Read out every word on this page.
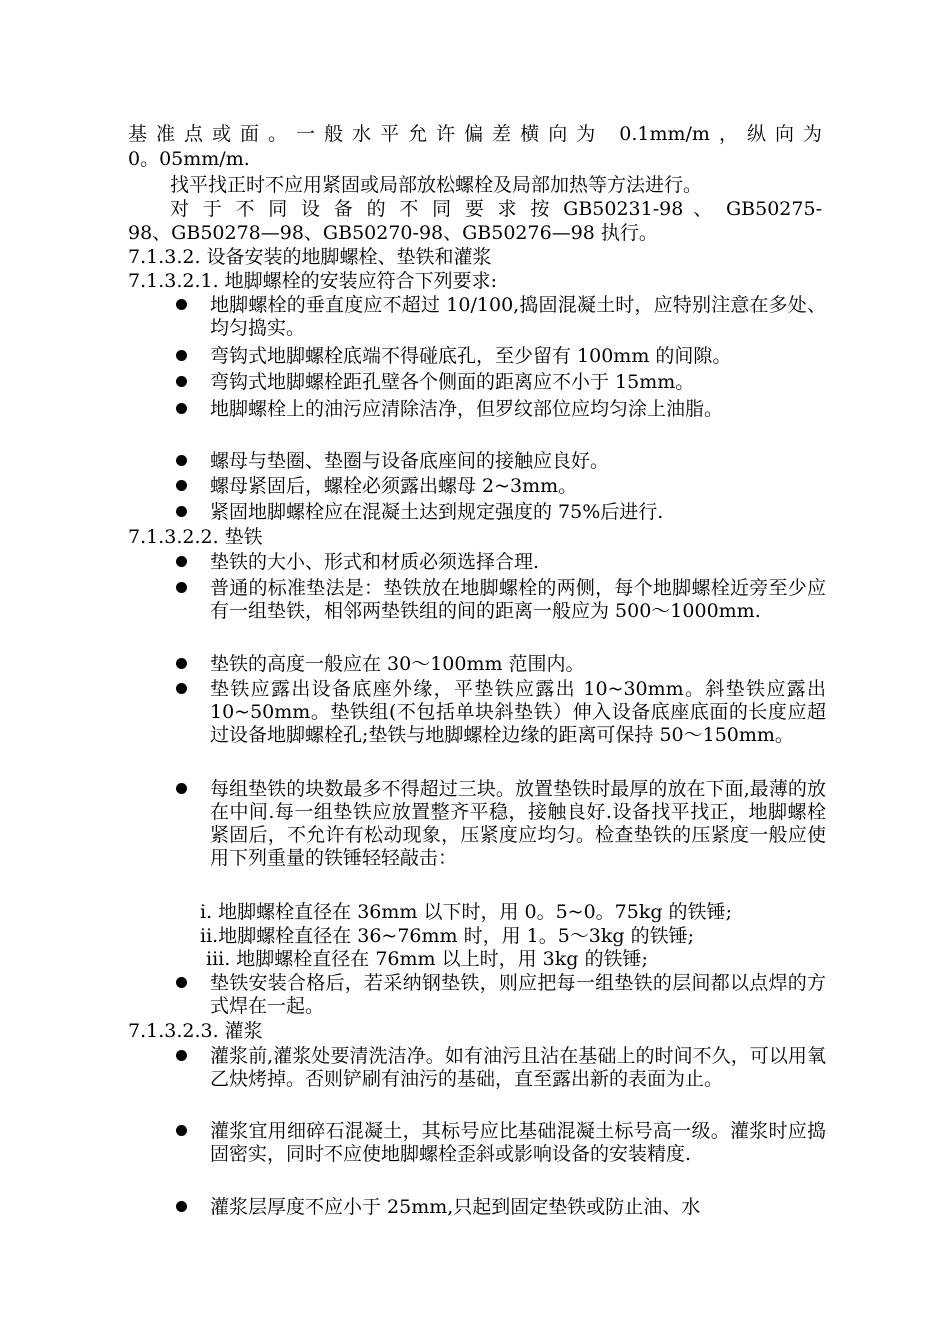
基准点或面。一般水平允许偏差横向为 0.1mm/m，纵向为
0。05mm/m.
找平找正时不应用紧固或局部放松螺栓及局部加热等方法进行。
对 于 不 同 设 备 的 不 同 要 求 按 GB50231-98 、 GB50275-
98、GB50278—98、GB50270-98、GB50276—98 执行。
7.1.3.2. 设备安装的地脚螺栓、垫铁和灌浆
7.1.3.2.1. 地脚螺栓的安装应符合下列要求:
地脚螺栓的垂直度应不超过 10/100,捣固混凝土时，应特别注意在多处、均匀捣实。
弯钩式地脚螺栓底端不得碰底孔，至少留有 100mm 的间隙。
弯钩式地脚螺栓距孔壁各个侧面的距离应不小于 15mm。
地脚螺栓上的油污应清除洁净，但罗纹部位应均匀涂上油脂。
螺母与垫圈、垫圈与设备底座间的接触应良好。
螺母紧固后，螺栓必须露出螺母 2~3mm。
紧固地脚螺栓应在混凝土达到规定强度的 75%后进行.
7.1.3.2.2. 垫铁
垫铁的大小、形式和材质必须选择合理.
普通的标准垫法是：垫铁放在地脚螺栓的两侧，每个地脚螺栓近旁至少应有一组垫铁，相邻两垫铁组的间的距离一般应为 500～1000mm.
垫铁的高度一般应在 30～100mm 范围内。
垫铁应露出设备底座外缘，平垫铁应露出 10~30mm。斜垫铁应露出 10~50mm。垫铁组(不包括单块斜垫铁）伸入设备底座底面的长度应超过设备地脚螺栓孔;垫铁与地脚螺栓边缘的距离可保持 50～150mm。
每组垫铁的块数最多不得超过三块。放置垫铁时最厚的放在下面,最薄的放在中间.每一组垫铁应放置整齐平稳，接触良好.设备找平找正，地脚螺栓紧固后，不允许有松动现象，压紧度应均匀。检查垫铁的压紧度一般应使用下列重量的铁锤轻轻敲击：
i. 地脚螺栓直径在 36mm 以下时，用 0。5~0。75kg 的铁锤;
ii.地脚螺栓直径在 36~76mm 时，用 1。5～3kg 的铁锤;
iii. 地脚螺栓直径在 76mm 以上时，用 3kg 的铁锤;
垫铁安装合格后，若采纳钢垫铁，则应把每一组垫铁的层间都以点焊的方式焊在一起。
7.1.3.2.3. 灌浆
灌浆前,灌浆处要清洗洁净。如有油污且沾在基础上的时间不久，可以用氧乙炔烤掉。否则铲刷有油污的基础，直至露出新的表面为止。
灌浆宜用细碎石混凝土，其标号应比基础混凝土标号高一级。灌浆时应捣固密实，同时不应使地脚螺栓歪斜或影响设备的安装精度.
灌浆层厚度不应小于 25mm,只起到固定垫铁或防止油、水
